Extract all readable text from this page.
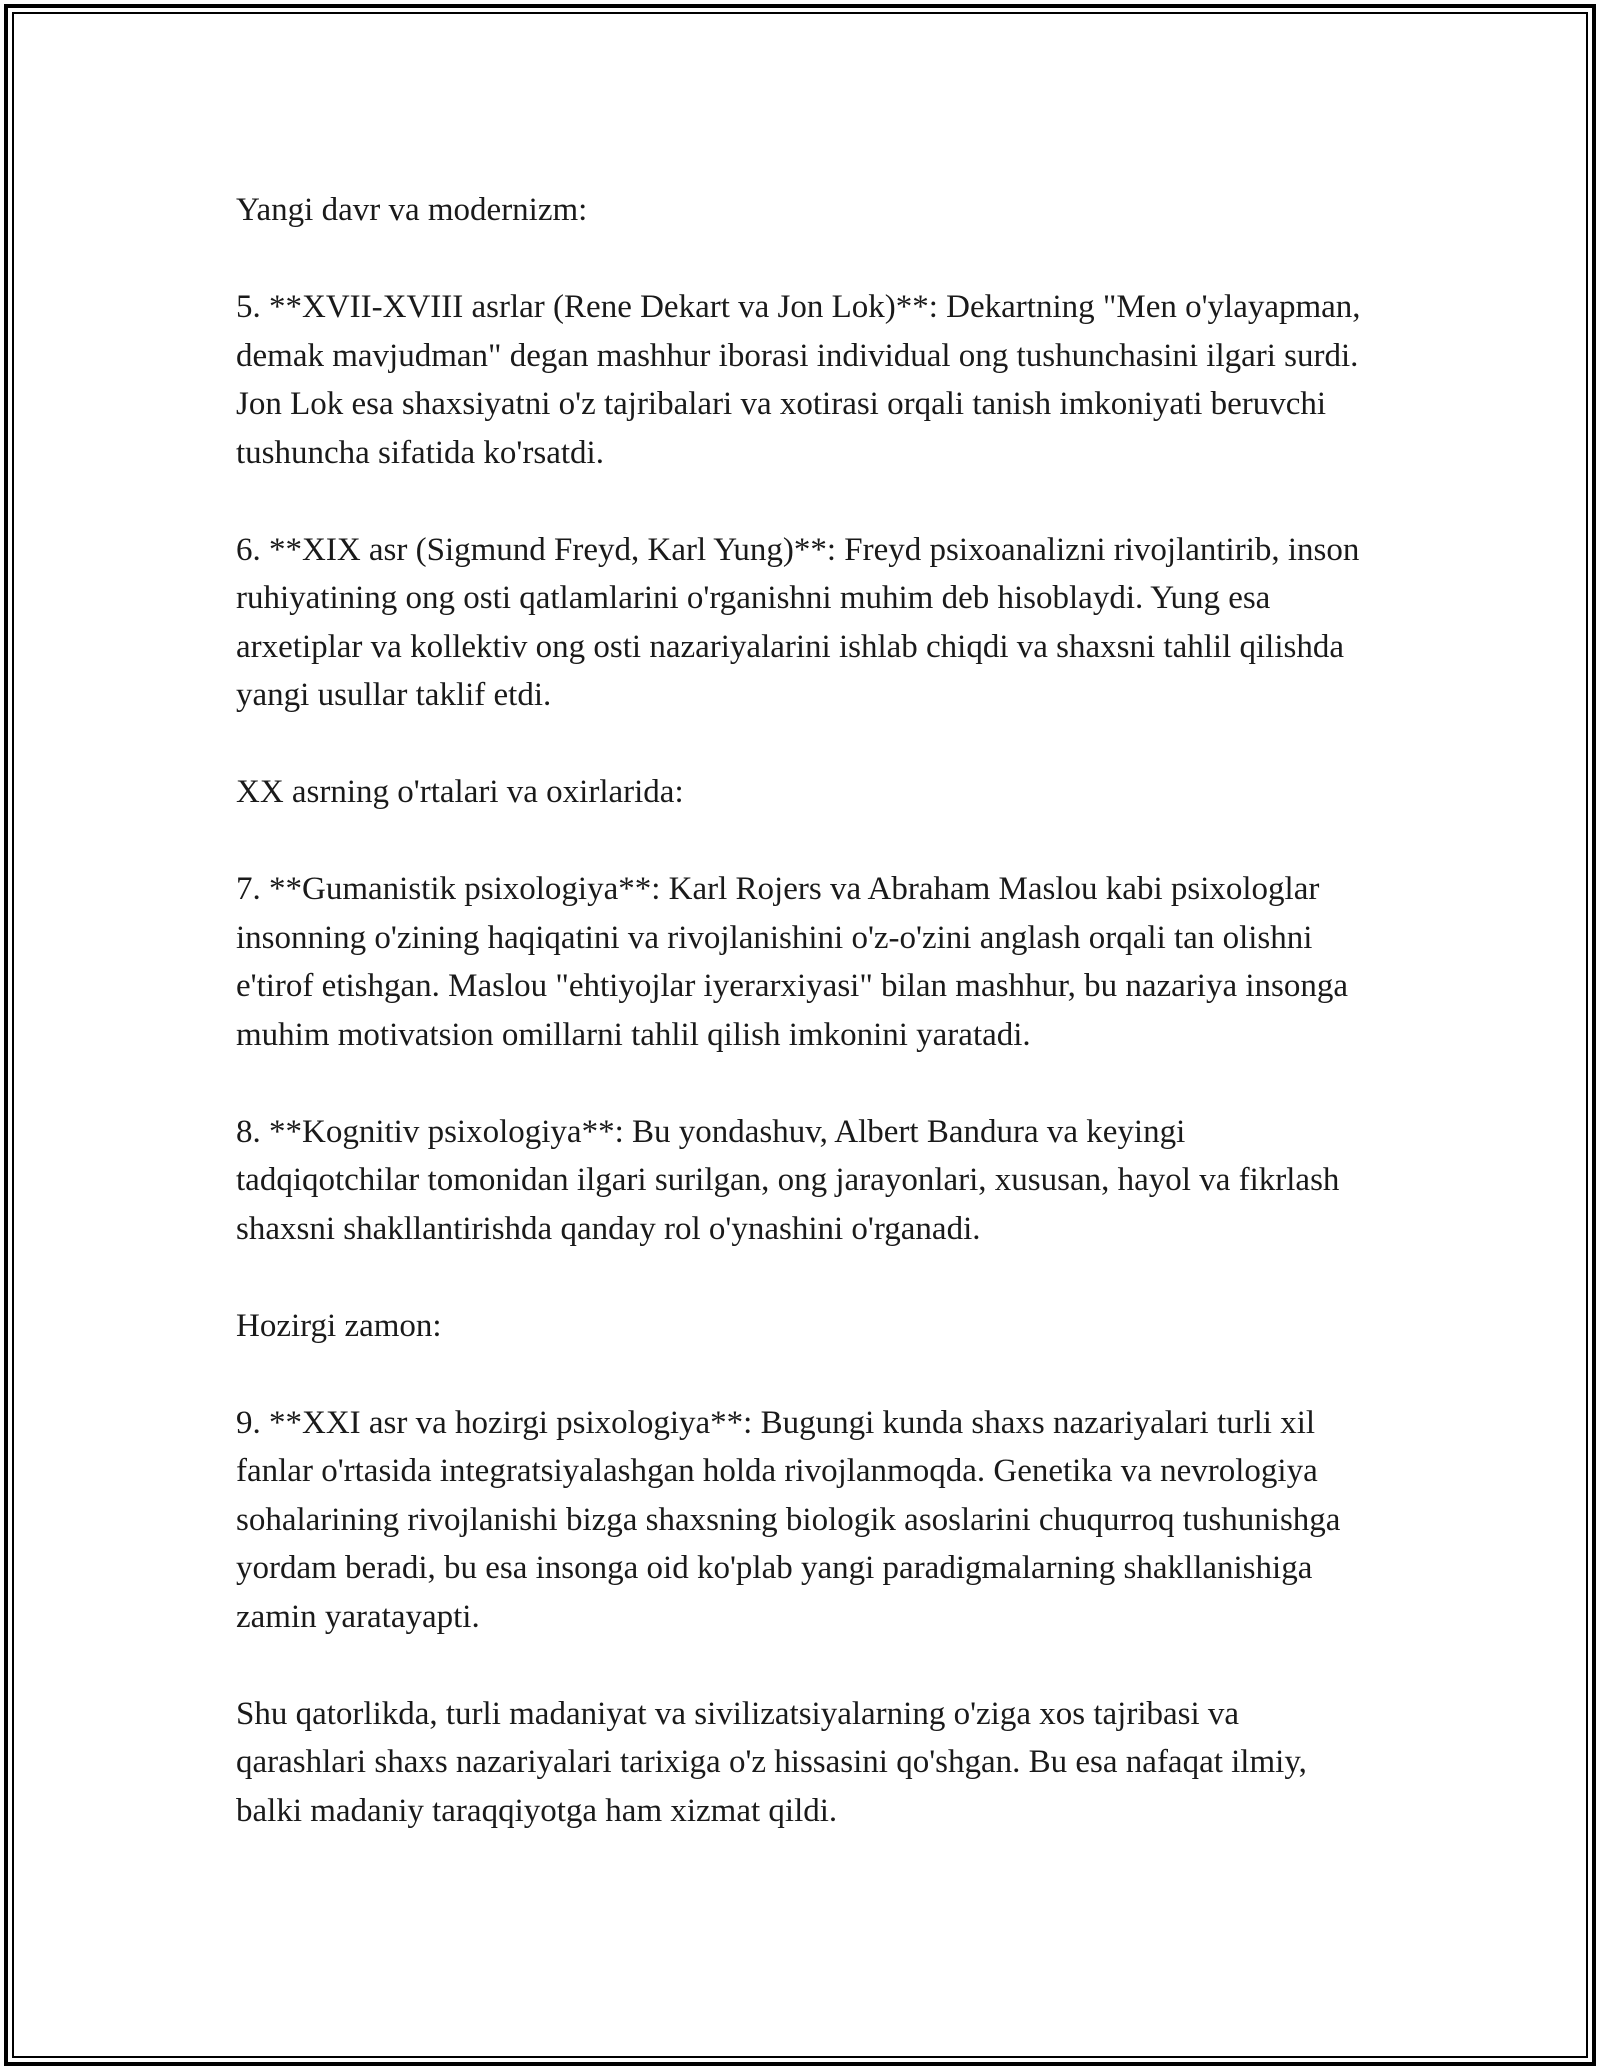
Yangi davr va modernizm:

5. **XVII-XVIII asrlar (Rene Dekart va Jon Lok)**: Dekartning "Men o'ylayapman, demak mavjudman" degan mashhur iborasi individual ong tushunchasini ilgari surdi. Jon Lok esa shaxsiyatni o'z tajribalari va xotirasi orqali tanish imkoniyati beruvchi tushuncha sifatida ko'rsatdi.

6. **XIX asr (Sigmund Freyd, Karl Yung)**: Freyd psixoanalizni rivojlantirib, inson ruhiyatining ong osti qatlamlarini o'rganishni muhim deb hisoblaydi. Yung esa arxetiplar va kollektiv ong osti nazariyalarini ishlab chiqdi va shaxsni tahlil qilishda yangi usullar taklif etdi.

XX asrning o'rtalari va oxirlarida:

7. **Gumanistik psixologiya**: Karl Rojers va Abraham Maslou kabi psixologlar insonning o'zining haqiqatini va rivojlanishini o'z-o'zini anglash orqali tan olishni e'tirof etishgan. Maslou "ehtiyojlar iyerarxiyasi" bilan mashhur, bu nazariya insonga muhim motivatsion omillarni tahlil qilish imkonini yaratadi.

8. **Kognitiv psixologiya**: Bu yondashuv, Albert Bandura va keyingi tadqiqotchilar tomonidan ilgari surilgan, ong jarayonlari, xususan, hayol va fikrlash shaxsni shakllantirishda qanday rol o'ynashini o'rganadi.

Hozirgi zamon:

9. **XXI asr va hozirgi psixologiya**: Bugungi kunda shaxs nazariyalari turli xil fanlar o'rtasida integratsiyalashgan holda rivojlanmoqda. Genetika va nevrologiya sohalarining rivojlanishi bizga shaxsning biologik asoslarini chuqurroq tushunishga yordam beradi, bu esa insonga oid ko'plab yangi paradigmalarning shakllanishiga zamin yaratayapti.

Shu qatorlikda, turli madaniyat va sivilizatsiyalarning o'ziga xos tajribasi va qarashlari shaxs nazariyalari tarixiga o'z hissasini qo'shgan. Bu esa nafaqat ilmiy, balki madaniy taraqqiyotga ham xizmat qildi.
